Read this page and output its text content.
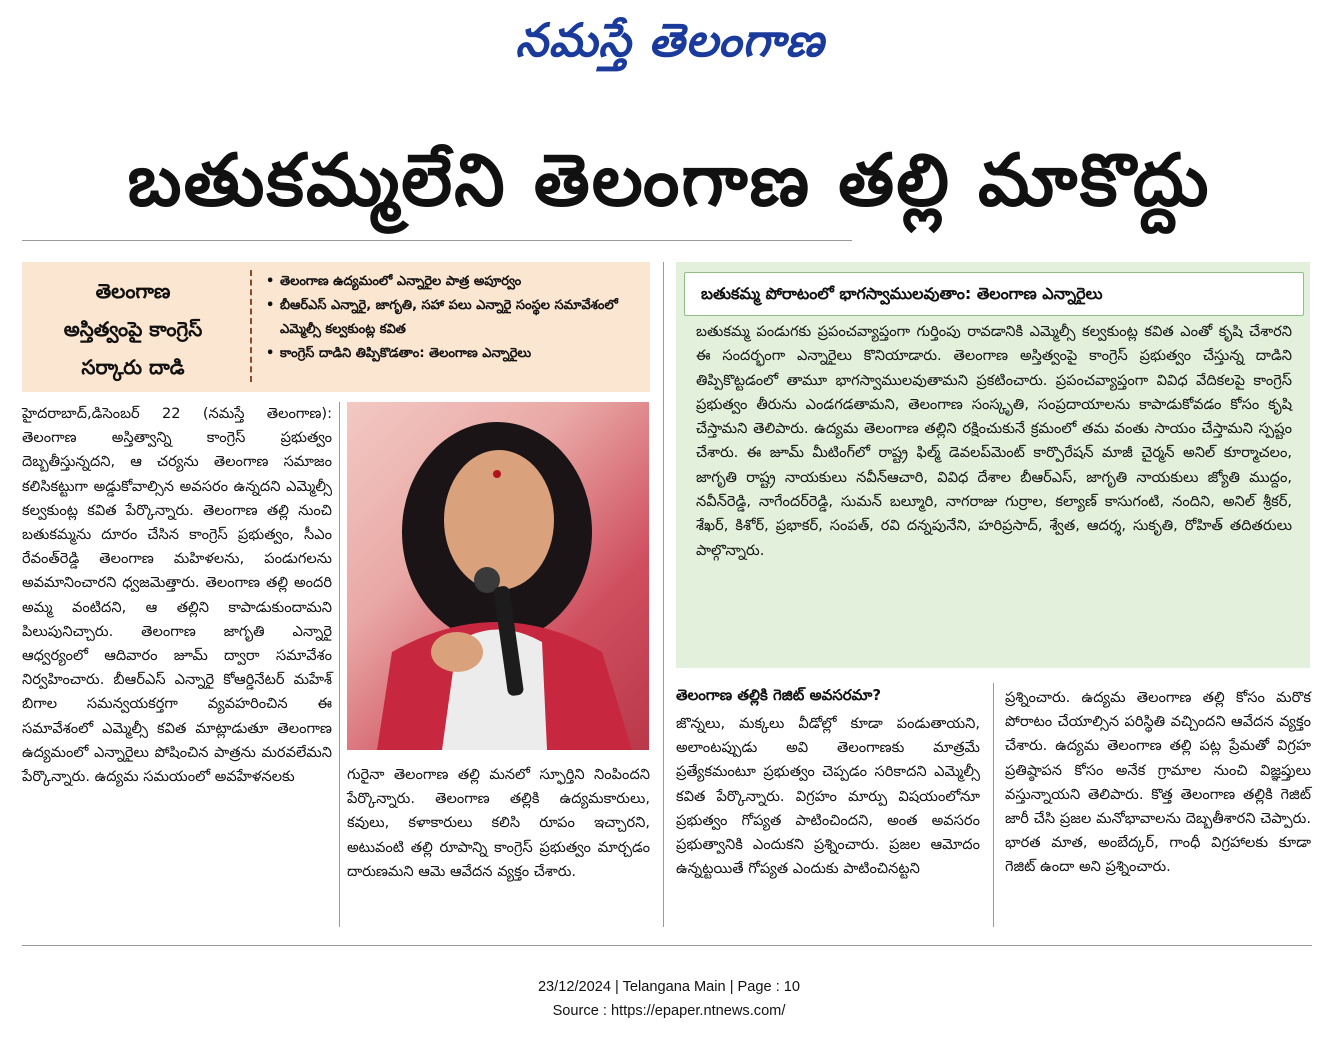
నమస్తే తెలంగాణ
బతుకమ్మలేని తెలంగాణ తల్లి మాకొద్దు
తెలంగాణ
అస్తిత్వంపై కాంగ్రెస్
సర్కారు దాడి
• తెలంగాణ ఉద్యమంలో ఎన్నారైల పాత్ర అపూర్వం
• బీఆర్ఎస్ ఎన్నారై, జాగృతి, సహా పలు ఎన్నారై సంస్థల సమావేశంలో ఎమ్మెల్సీ కల్వకుంట్ల కవిత
• కాంగ్రెస్ దాడిని తిప్పికొడతాం: తెలంగాణ ఎన్నారైలు

హైదరాబాద్,డిసెంబర్ 22 (నమస్తే తెలంగాణ): తెలంగాణ అస్తిత్వాన్ని కాంగ్రెస్ ప్రభుత్వం దెబ్బతీస్తున్నదని, ఆ చర్యను తెలంగాణ సమాజం కలిసికట్టుగా అడ్డుకోవాల్సిన అవసరం ఉన్నదని ఎమ్మెల్సీ కల్వకుంట్ల కవిత పేర్కొన్నారు. తెలంగాణ తల్లి నుంచి బతుకమ్మను దూరం చేసిన కాంగ్రెస్ ప్రభుత్వం, సీఎం రేవంత్‌రెడ్డి తెలంగాణ మహిళలను, పండుగలను అవమానించారని ధ్వజమెత్తారు. తెలంగాణ తల్లి అందరి అమ్మ వంటిదని, ఆ తల్లిని కాపాడుకుందామని పిలుపునిచ్చారు. తెలంగాణ జాగృతి ఎన్నారై ఆధ్వర్యంలో ఆదివారం జూమ్ ద్వారా సమావేశం నిర్వహించారు. బీఆర్ఎస్ ఎన్నారై కోఆర్డినేటర్ మహేశ్ బిగాల సమన్వయకర్తగా వ్యవహరించిన ఈ సమావేశంలో ఎమ్మెల్సీ కవిత మాట్లాడుతూ తెలంగాణ ఉద్యమంలో ఎన్నారైలు పోషించిన పాత్రను మరవలేమని పేర్కొన్నారు. ఉద్యమ సమయంలో అవహేళనలకు	గురైనా తెలంగాణ తల్లి మనలో స్ఫూర్తిని నింపిందని పేర్కొన్నారు. తెలంగాణ తల్లికి ఉద్యమకారులు, కవులు, కళాకారులు కలిసి రూపం ఇచ్చారని, అటువంటి తల్లి రూపాన్ని కాంగ్రెస్ ప్రభుత్వం మార్చడం దారుణమని ఆమె ఆవేదన వ్యక్తం చేశారు.

బతుకమ్మ పోరాటంలో భాగస్వాములవుతాం: తెలంగాణ ఎన్నారైలు

బతుకమ్మ పండుగకు ప్రపంచవ్యాప్తంగా గుర్తింపు రావడానికి ఎమ్మెల్సీ కల్వకుంట్ల కవిత ఎంతో కృషి చేశారని ఈ సందర్భంగా ఎన్నారైలు కొనియాడారు. తెలంగాణ అస్తిత్వంపై కాంగ్రెస్ ప్రభుత్వం చేస్తున్న దాడిని తిప్పికొట్టడంలో తామూ భాగస్వాములవుతామని ప్రకటించారు. ప్రపంచవ్యాప్తంగా వివిధ వేదికలపై కాంగ్రెస్ ప్రభుత్వం తీరును ఎండగడతామని, తెలంగాణ సంస్కృతి, సంప్రదాయాలను కాపాడుకోవడం కోసం కృషి చేస్తామని తెలిపారు. ఉద్యమ తెలంగాణ తల్లిని రక్షించుకునే క్రమంలో తమ వంతు సాయం చేస్తామని స్పష్టం చేశారు. ఈ జూమ్ మీటింగ్‌లో రాష్ట్ర ఫిల్మ్ డెవలప్‌మెంట్ కార్పొరేషన్ మాజీ చైర్మన్ అనిల్ కూర్మాచలం, జాగృతి రాష్ట్ర నాయకులు నవీన్‌ఆచారి, వివిధ దేశాల బీఆర్ఎస్, జాగృతి నాయకులు జ్యోతి ముద్దం, నవీన్‌రెడ్డి, నాగేందర్‌రెడ్డి, సుమన్ బల్మూరి, నాగరాజు గుర్రాల, కల్యాణ్ కాసుగంటి, నందిని, అనిల్ శ్రీకర్, శేఖర్, కిశోర్, ప్రభాకర్, సంపత్, రవి దన్నపునేని, హరిప్రసాద్, శ్వేత, ఆదర్శ, సుకృతి, రోహిత్ తదితరులు పాల్గొన్నారు.

తెలంగాణ తల్లికి గెజిట్ అవసరమా?

జొన్నలు, మక్కలు వీడోల్లో కూడా పండుతాయని, అలాంటప్పుడు అవి తెలంగాణకు మాత్రమే ప్రత్యేకమంటూ ప్రభుత్వం చెప్పడం సరికాదని ఎమ్మెల్సీ కవిత పేర్కొన్నారు. విగ్రహం మార్పు విషయంలోనూ ప్రభుత్వం గోప్యత పాటించిందని, అంత అవసరం ప్రభుత్వానికి ఎందుకని ప్రశ్నించారు. ప్రజల ఆమోదం ఉన్నట్టయితే గోప్యత ఎందుకు పాటించినట్టని

ప్రశ్నించారు. ఉద్యమ తెలంగాణ తల్లి కోసం మరొక పోరాటం చేయాల్సిన పరిస్థితి వచ్చిందని ఆవేదన వ్యక్తం చేశారు. ఉద్యమ తెలంగాణ తల్లి పట్ల ప్రేమతో విగ్రహ ప్రతిష్ఠాపన కోసం అనేక గ్రామాల నుంచి విజ్ఞప్తులు వస్తున్నాయని తెలిపారు. కొత్త తెలంగాణ తల్లికి గెజిట్ జారీ చేసి ప్రజల మనోభావాలను దెబ్బతీశారని చెప్పారు. భారత మాత, అంబేద్కర్, గాంధీ విగ్రహాలకు కూడా గెజిట్ ఉందా అని ప్రశ్నించారు.

23/12/2024 | Telangana Main | Page : 10
Source : https://epaper.ntnews.com/
